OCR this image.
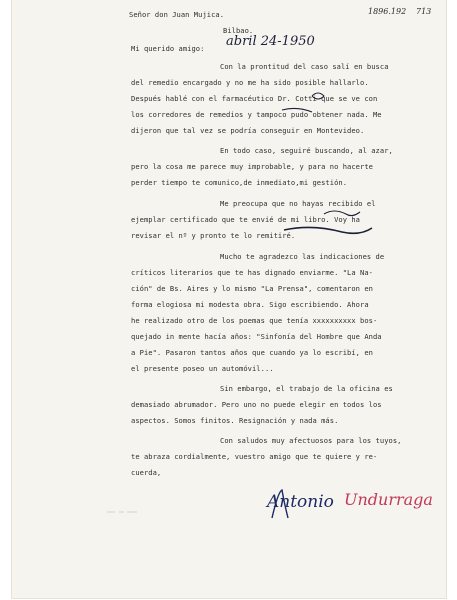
1896.192 713
Señor don Juan Mujica.
Bilbao.
Mi querido amigo: abril 24-1950
Con la prontitud del caso salí en busca
del remedio encargado y no me ha sido posible hallarlo.
Después hablé con el farmacéutico Dr. Cotti que se ve con
los corredores de remedios y tampoco pudo obtener nada. Me
dijeron que tal vez se podría conseguir en Montevideo.
En todo caso, seguiré buscando, al azar,
pero la cosa me parece muy improbable, y para no hacerte
perder tiempo te comunico,de inmediato,mi gestión.
Me preocupa que no hayas recibido el
ejemplar certificado que te envié de mi libro. Voy ha
revisar el nº y pronto te lo remitiré.
Mucho te agradezco las indicaciones de
críticos literarios que te has dignado enviarme. "La Na-
ción" de Bs. Aires y lo mismo "La Prensa", comentaron en
forma elogiosa mi modesta obra. Sigo escribiendo. Ahora
he realizado otro de los poemas que tenía xxxxxxxxxx bos-
quejado in mente hacía años: "Sinfonía del Hombre que Anda
a Pie". Pasaron tantos años que cuando ya lo escribí, en
el presente poseo un automóvil...
Sin embargo, el trabajo de la oficina es
demasiado abrumador. Pero uno no puede elegir en todos los
aspectos. Somos finitos. Resignación y nada más.
Con saludos muy afectuosos para los tuyos,
te abraza cordialmente, vuestro amigo que te quiere y re-
cuerda,
Antonio Undurraga
